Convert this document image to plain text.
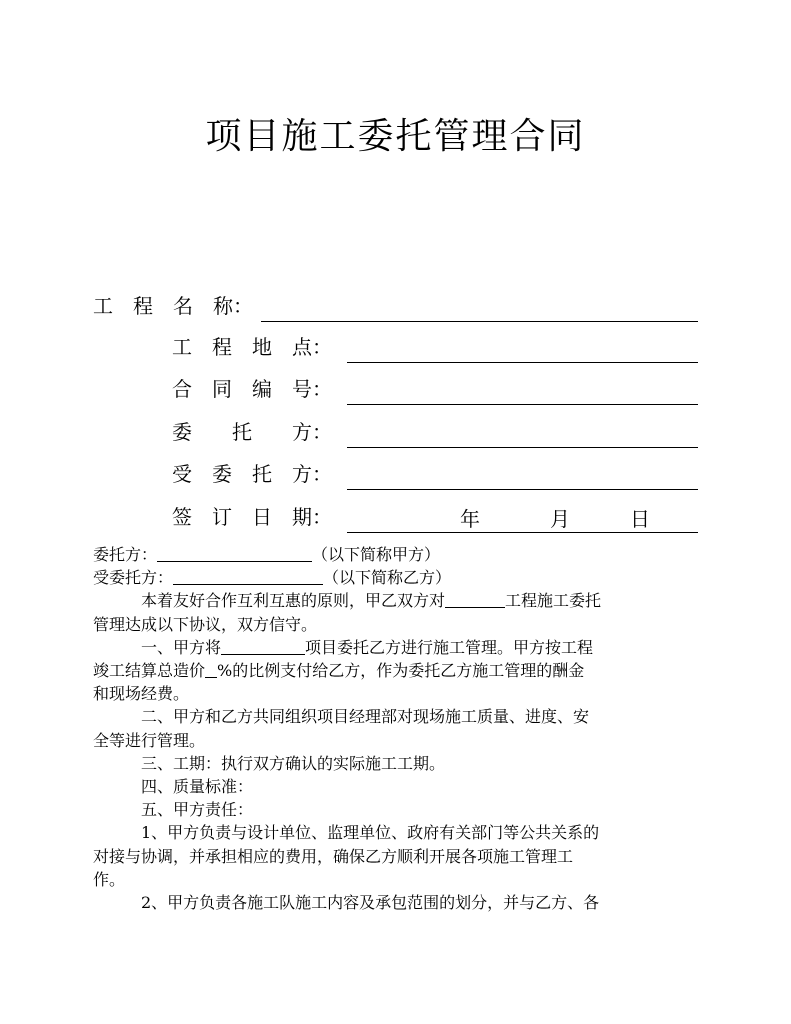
项目施工委托管理合同
工　程　名　称：
工　程　地　点：
合　同　编　号：
委　　托　　方：
受　委　托　方：
签　订　日　期：	年	月	日

委托方：	（以下简称甲方）

受委托方：	（以下简称乙方）

本着友好合作互利互惠的原则，甲乙双方对	工程施工委托

管理达成以下协议，双方信守。

一、甲方将	项目委托乙方进行施工管理。甲方按工程

竣工结算总造价 %的比例支付给乙方，作为委托乙方施工管理的酬金

和现场经费。

二、甲方和乙方共同组织项目经理部对现场施工质量、进度、安

全等进行管理。

三、工期：执行双方确认的实际施工工期。

四、质量标准：

五、甲方责任：

1、甲方负责与设计单位、监理单位、政府有关部门等公共关系的

对接与协调，并承担相应的费用，确保乙方顺利开展各项施工管理工

作。

2、甲方负责各施工队施工内容及承包范围的划分，并与乙方、各
